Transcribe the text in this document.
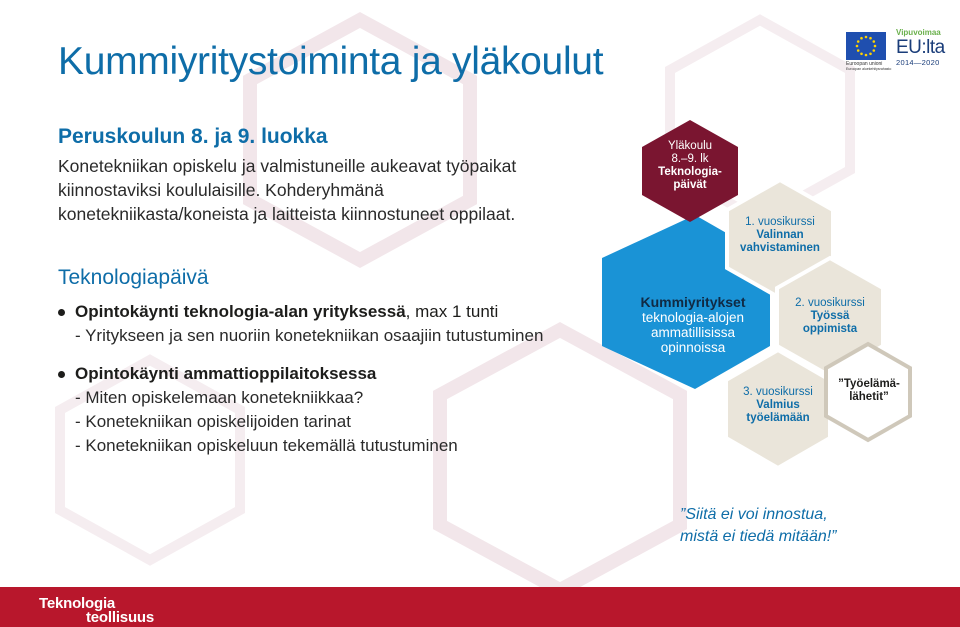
Kummiyritystoiminta ja yläkoulut	Euroopan unioni
Euroopan aluekehitysrahasto
Vipuvoimaa
EU:lta
2014—2020
Peruskoulun 8. ja 9. luokka

Konetekniikan opiskelu ja valmistuneille aukeavat työpaikat kiinnostaviksi koululaisille. Kohderyhmänä konetekniikasta/koneista ja laitteista kiinnostuneet oppilaat.

Teknologiapäivä

Opintokäynti teknologia-alan yrityksessä, max 1 tunti

- Yritykseen ja sen nuoriin konetekniikan osaajiin tutustuminen

Opintokäynti ammattioppilaitoksessa

- Miten opiskelemaan konetekniikkaa?

- Konetekniikan opiskelijoiden tarinat

- Konetekniikan opiskeluun tekemällä tutustuminen

Yläkoulu
8.–9. lk
Teknologia-
päivät
1. vuosikurssi
Valinnan
vahvistaminen
Kummiyritykset
teknologia-alojen
ammatillisissa
opinnoissa
2. vuosikurssi
Työssä
oppimista
3. vuosikurssi
Valmius
työelämään
”Työelämä-
lähetit”
”Siitä ei voi innostua,
mistä ei tiedä mitään!”
Teknologia
teollisuus
